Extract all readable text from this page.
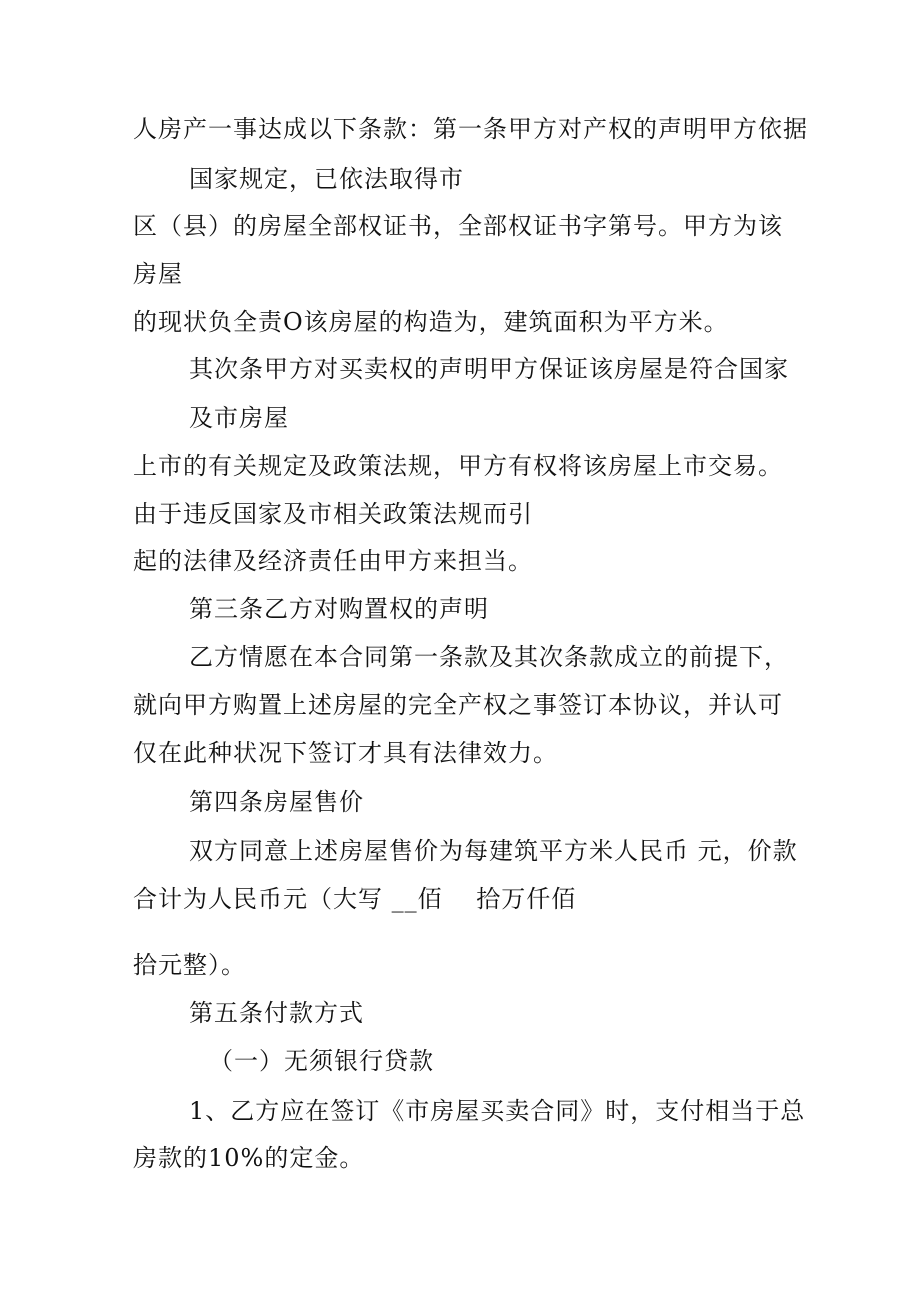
人房产一事达成以下条款：第一条甲方对产权的声明甲方依据
国家规定，已依法取得市
区（县）的房屋全部权证书，全部权证书字第号。甲方为该
房屋
的现状负全责O该房屋的构造为，建筑面积为平方米。
其次条甲方对买卖权的声明甲方保证该房屋是符合国家
及市房屋
上市的有关规定及政策法规，甲方有权将该房屋上市交易。
由于违反国家及市相关政策法规而引
起的法律及经济责任由甲方来担当。
第三条乙方对购置权的声明
乙方情愿在本合同第一条款及其次条款成立的前提下，
就向甲方购置上述房屋的完全产权之事签订本协议，并认可
仅在此种状况下签订才具有法律效力。
第四条房屋售价
双方同意上述房屋售价为每建筑平方米人民币 元，价款
合计为人民币元（大写 __佰　 拾万仟佰
拾元整）。
第五条付款方式
（一）无须银行贷款
1、乙方应在签订《市房屋买卖合同》时，支付相当于总
房款的10%的定金。
